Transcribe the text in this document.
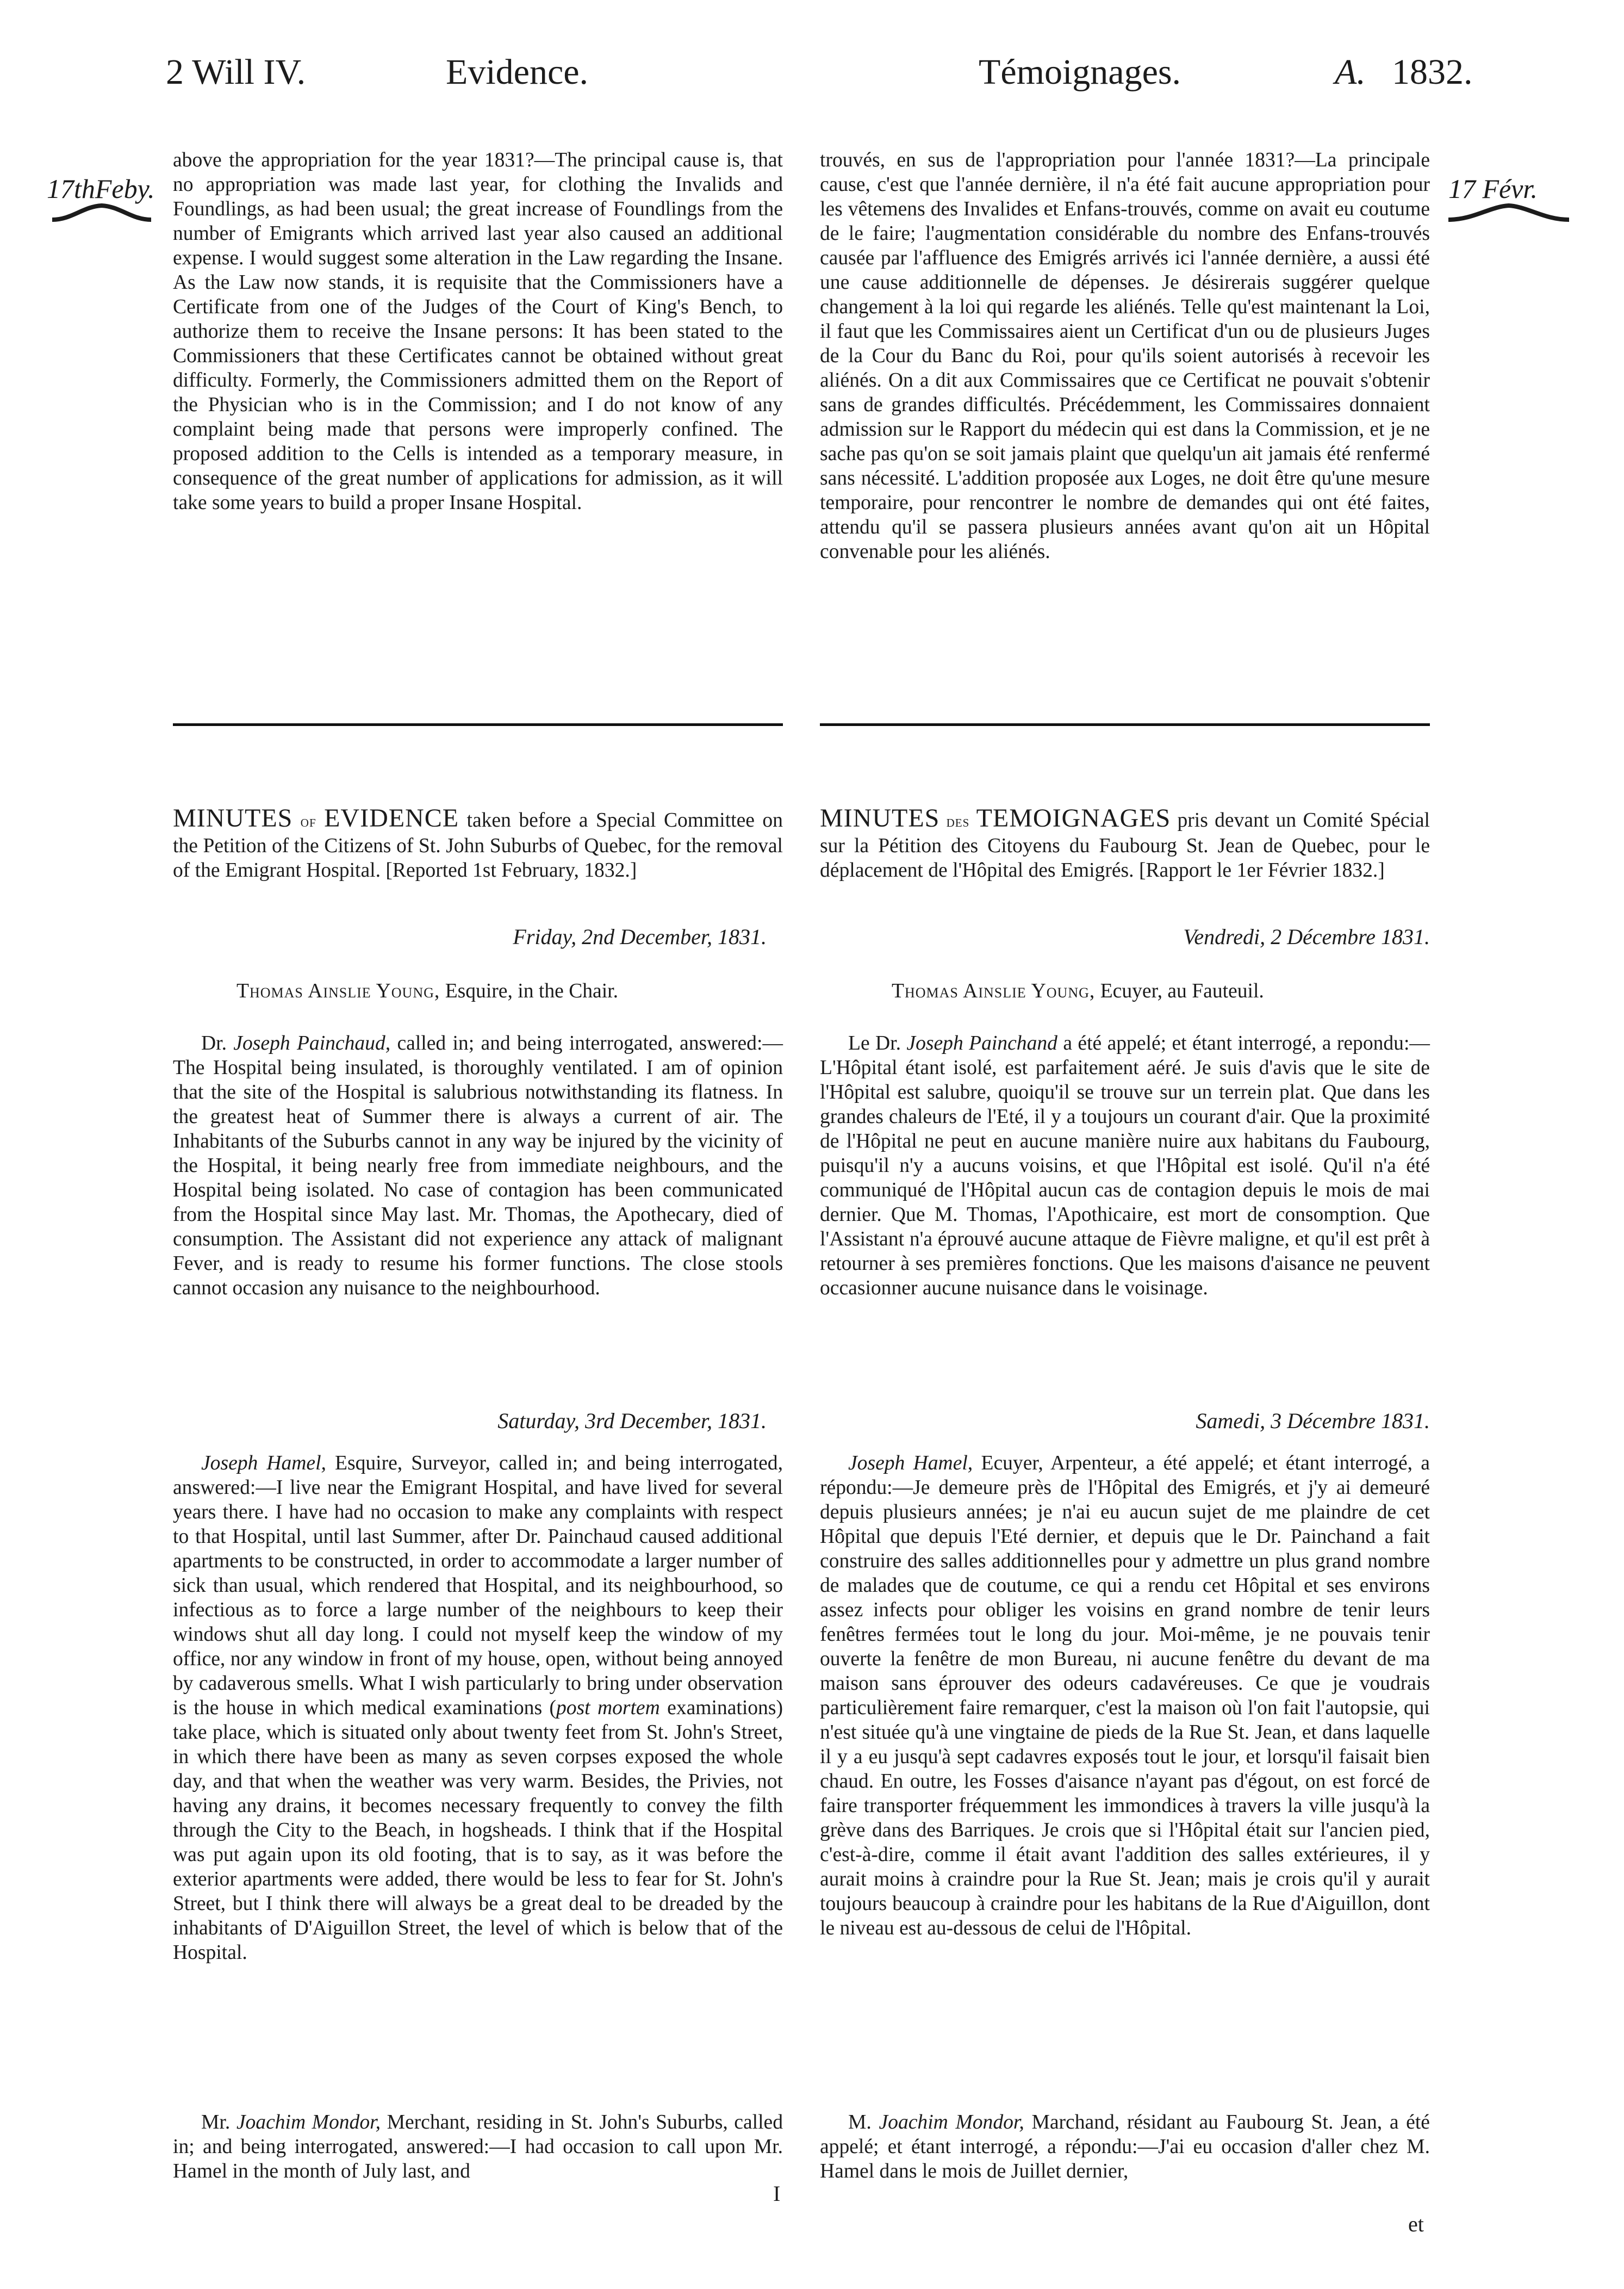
2 Will IV.	Evidence.	Témoignages.	A. 1832.
17thFeby.	17 Févr.

above the appropriation for the year 1831?—The principal cause is, that no appropriation was made last year, for clothing the Invalids and Foundlings, as had been usual; the great increase of Foundlings from the number of Emigrants which arrived last year also caused an additional expense. I would suggest some alteration in the Law regarding the Insane. As the Law now stands, it is requisite that the Commissioners have a Certificate from one of the Judges of the Court of King's Bench, to authorize them to receive the Insane persons: It has been stated to the Commissioners that these Certificates cannot be obtained without great difficulty. Formerly, the Commissioners admitted them on the Report of the Physician who is in the Commission; and I do not know of any complaint being made that persons were improperly confined. The proposed addition to the Cells is intended as a temporary measure, in consequence of the great number of applications for admission, as it will take some years to build a proper Insane Hospital.

trouvés, en sus de l'appropriation pour l'année 1831?—La principale cause, c'est que l'année dernière, il n'a été fait aucune appropriation pour les vêtemens des Invalides et Enfans-trouvés, comme on avait eu coutume de le faire; l'augmentation considérable du nombre des Enfans-trouvés causée par l'affluence des Emigrés arrivés ici l'année dernière, a aussi été une cause additionnelle de dépenses. Je désirerais suggérer quelque changement à la loi qui regarde les aliénés. Telle qu'est maintenant la Loi, il faut que les Commissaires aient un Certificat d'un ou de plusieurs Juges de la Cour du Banc du Roi, pour qu'ils soient autorisés à recevoir les aliénés. On a dit aux Commissaires que ce Certificat ne pouvait s'obtenir sans de grandes difficultés. Précédemment, les Commissaires donnaient admission sur le Rapport du médecin qui est dans la Commission, et je ne sache pas qu'on se soit jamais plaint que quelqu'un ait jamais été renfermé sans nécessité. L'addition proposée aux Loges, ne doit être qu'une mesure temporaire, pour rencontrer le nombre de demandes qui ont été faites, attendu qu'il se passera plusieurs années avant qu'on ait un Hôpital convenable pour les aliénés.

MINUTES of EVIDENCE taken before a Special Committee on the Petition of the Citizens of St. John Suburbs of Quebec, for the removal of the Emigrant Hospital. [Reported 1st February, 1832.]
MINUTES des TEMOIGNAGES pris devant un Comité Spécial sur la Pétition des Citoyens du Faubourg St. Jean de Quebec, pour le déplacement de l'Hôpital des Emigrés. [Rapport le 1er Février 1832.]
Friday, 2nd December, 1831.	Vendredi, 2 Décembre 1831.
Thomas Ainslie Young, Esquire, in the Chair.	Thomas Ainslie Young, Ecuyer, au Fauteuil.

Dr. Joseph Painchaud, called in; and being interrogated, answered:—The Hospital being insulated, is thoroughly ventilated. I am of opinion that the site of the Hospital is salubrious notwithstanding its flatness. In the greatest heat of Summer there is always a current of air. The Inhabitants of the Suburbs cannot in any way be injured by the vicinity of the Hospital, it being nearly free from immediate neighbours, and the Hospital being isolated. No case of contagion has been communicated from the Hospital since May last. Mr. Thomas, the Apothecary, died of consumption. The Assistant did not experience any attack of malignant Fever, and is ready to resume his former functions. The close stools cannot occasion any nuisance to the neighbourhood.

Le Dr. Joseph Painchand a été appelé; et étant interrogé, a repondu:—L'Hôpital étant isolé, est parfaitement aéré. Je suis d'avis que le site de l'Hôpital est salubre, quoiqu'il se trouve sur un terrein plat. Que dans les grandes chaleurs de l'Eté, il y a toujours un courant d'air. Que la proximité de l'Hôpital ne peut en aucune manière nuire aux habitans du Faubourg, puisqu'il n'y a aucuns voisins, et que l'Hôpital est isolé. Qu'il n'a été communiqué de l'Hôpital aucun cas de contagion depuis le mois de mai dernier. Que M. Thomas, l'Apothicaire, est mort de consomption. Que l'Assistant n'a éprouvé aucune attaque de Fièvre maligne, et qu'il est prêt à retourner à ses premières fonctions. Que les maisons d'aisance ne peuvent occasionner aucune nuisance dans le voisinage.

Saturday, 3rd December, 1831.	Samedi, 3 Décembre 1831.

Joseph Hamel, Esquire, Surveyor, called in; and being interrogated, answered:—I live near the Emigrant Hospital, and have lived for several years there. I have had no occasion to make any complaints with respect to that Hospital, until last Summer, after Dr. Painchaud caused additional apartments to be constructed, in order to accommodate a larger number of sick than usual, which rendered that Hospital, and its neighbourhood, so infectious as to force a large number of the neighbours to keep their windows shut all day long. I could not myself keep the window of my office, nor any window in front of my house, open, without being annoyed by cadaverous smells. What I wish particularly to bring under observation is the house in which medical examinations (post mortem examinations) take place, which is situated only about twenty feet from St. John's Street, in which there have been as many as seven corpses exposed the whole day, and that when the weather was very warm. Besides, the Privies, not having any drains, it becomes necessary frequently to convey the filth through the City to the Beach, in hogsheads. I think that if the Hospital was put again upon its old footing, that is to say, as it was before the exterior apartments were added, there would be less to fear for St. John's Street, but I think there will always be a great deal to be dreaded by the inhabitants of D'Aiguillon Street, the level of which is below that of the Hospital.

Joseph Hamel, Ecuyer, Arpenteur, a été appelé; et étant interrogé, a répondu:—Je demeure près de l'Hôpital des Emigrés, et j'y ai demeuré depuis plusieurs années; je n'ai eu aucun sujet de me plaindre de cet Hôpital que depuis l'Eté dernier, et depuis que le Dr. Painchand a fait construire des salles additionnelles pour y admettre un plus grand nombre de malades que de coutume, ce qui a rendu cet Hôpital et ses environs assez infects pour obliger les voisins en grand nombre de tenir leurs fenêtres fermées tout le long du jour. Moi-même, je ne pouvais tenir ouverte la fenêtre de mon Bureau, ni aucune fenêtre du devant de ma maison sans éprouver des odeurs cadavéreuses. Ce que je voudrais particulièrement faire remarquer, c'est la maison où l'on fait l'autopsie, qui n'est située qu'à une vingtaine de pieds de la Rue St. Jean, et dans laquelle il y a eu jusqu'à sept cadavres exposés tout le jour, et lorsqu'il faisait bien chaud. En outre, les Fosses d'aisance n'ayant pas d'égout, on est forcé de faire transporter fréquemment les immondices à travers la ville jusqu'à la grève dans des Barriques. Je crois que si l'Hôpital était sur l'ancien pied, c'est-à-dire, comme il était avant l'addition des salles extérieures, il y aurait moins à craindre pour la Rue St. Jean; mais je crois qu'il y aurait toujours beaucoup à craindre pour les habitans de la Rue d'Aiguillon, dont le niveau est au-dessous de celui de l'Hôpital.

Mr. Joachim Mondor, Merchant, residing in St. John's Suburbs, called in; and being interrogated, answered:—I had occasion to call upon Mr. Hamel in the month of July last, and

M. Joachim Mondor, Marchand, résidant au Faubourg St. Jean, a été appelé; et étant interrogé, a répondu:—J'ai eu occasion d'aller chez M. Hamel dans le mois de Juillet dernier,

I
et
